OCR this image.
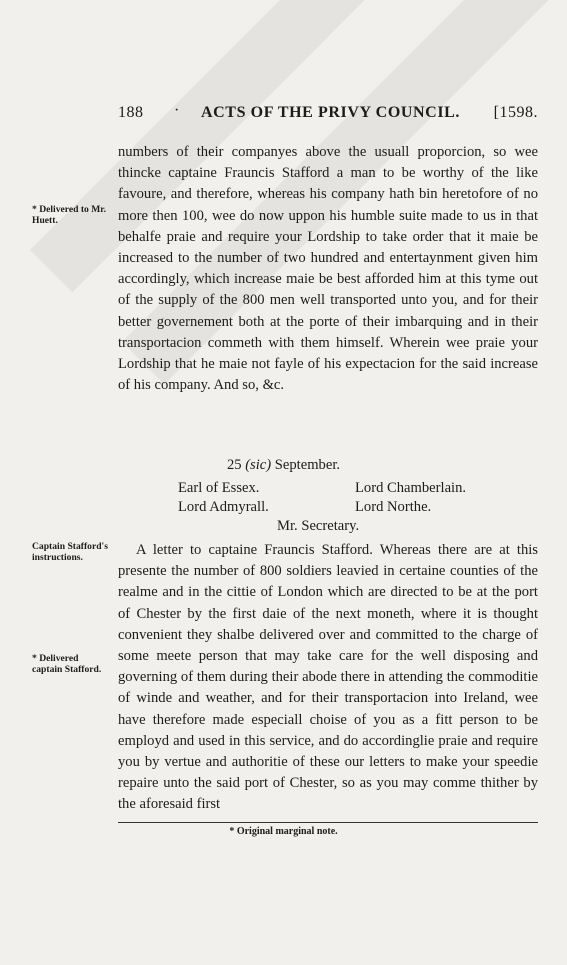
188 · ACTS OF THE PRIVY COUNCIL. [1598.
* Delivered to Mr. Huett.
numbers of their companyes above the usuall proporcion, so wee thincke captaine Frauncis Stafford a man to be worthy of the like favoure, and therefore, whereas his company hath bin heretofore of no more then 100, wee do now uppon his humble suite made to us in that behalfe praie and require your Lordship to take order that it maie be increased to the number of two hundred and entertaynment given him accordingly, which increase maie be best afforded him at this tyme out of the supply of the 800 men well transported unto you, and for their better governement both at the porte of their imbarquing and in their transportacion commeth with them himself. Wherein wee praie your Lordship that he maie not fayle of his expectacion for the said increase of his company. And so, &c.
25 (sic) September.
Earl of Essex.	Lord Chamberlain.
Lord Admyrall.	Lord Northe.
Mr. Secretary.
Captain Stafford's instructions.
* Delivered captain Stafford.
A letter to captaine Frauncis Stafford. Whereas there are at this presente the number of 800 soldiers leavied in certaine counties of the realme and in the cittie of London which are directed to be at the port of Chester by the first daie of the next moneth, where it is thought convenient they shalbe delivered over and committed to the charge of some meete person that may take care for the well disposing and governing of them during their abode there in attending the commoditie of winde and weather, and for their transportacion into Ireland, wee have therefore made especiall choise of you as a fitt person to be employd and used in this service, and do accordinglie praie and require you by vertue and authoritie of these our letters to make your speedie repaire unto the said port of Chester, so as you may comme thither by the aforesaid first
* Original marginal note.
